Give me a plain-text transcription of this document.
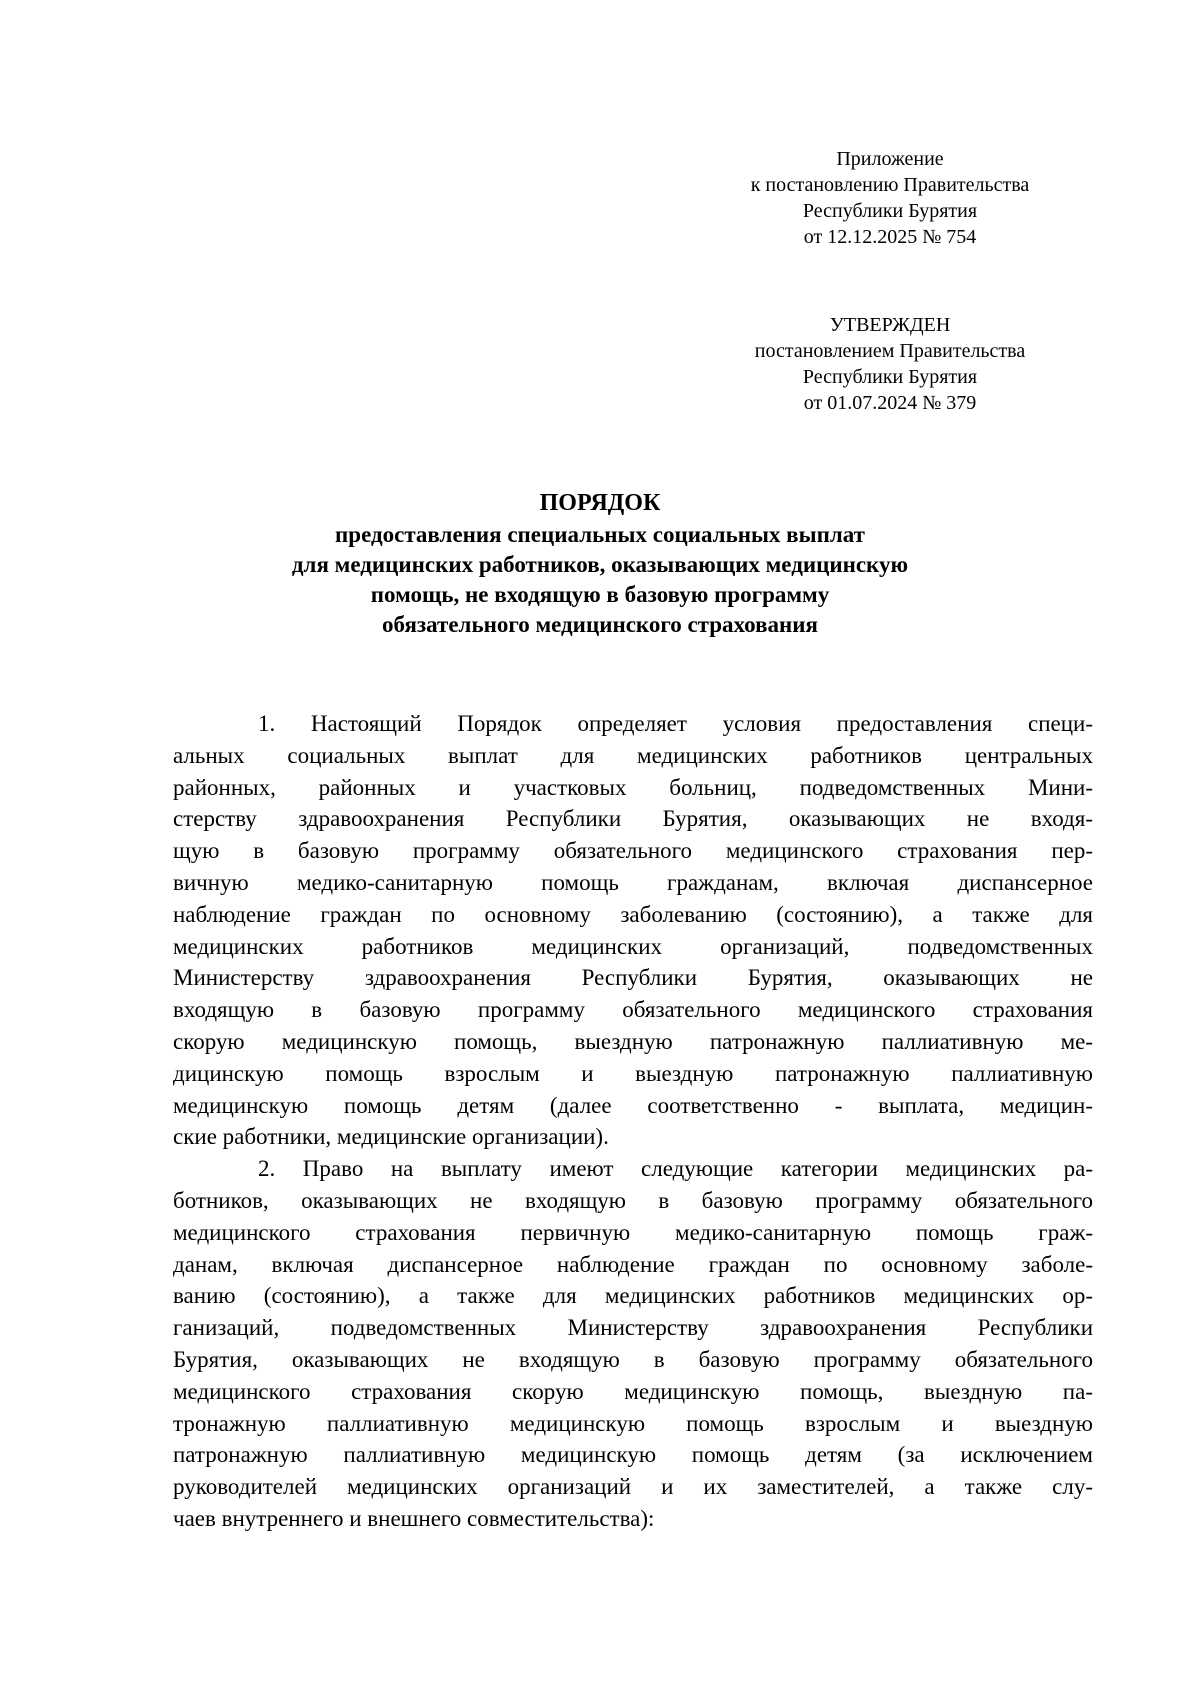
Приложение
к постановлению Правительства
Республики Бурятия
от 12.12.2025 № 754
УТВЕРЖДЕН
постановлением Правительства
Республики Бурятия
от 01.07.2024 № 379
ПОРЯДОК
предоставления специальных социальных выплат
для медицинских работников, оказывающих медицинскую
помощь, не входящую в базовую программу
обязательного медицинского страхования
1. Настоящий Порядок определяет условия предоставления специ-
альных социальных выплат для медицинских работников центральных
районных, районных и участковых больниц, подведомственных Мини-
стерству здравоохранения Республики Бурятия, оказывающих не входя-
щую в базовую программу обязательного медицинского страхования пер-
вичную медико-санитарную помощь гражданам, включая диспансерное
наблюдение граждан по основному заболеванию (состоянию), а также для
медицинских работников медицинских организаций, подведомственных
Министерству здравоохранения Республики Бурятия, оказывающих не
входящую в базовую программу обязательного медицинского страхования
скорую медицинскую помощь, выездную патронажную паллиативную ме-
дицинскую помощь взрослым и выездную патронажную паллиативную
медицинскую помощь детям (далее соответственно - выплата, медицин-
ские работники, медицинские организации).
2. Право на выплату имеют следующие категории медицинских ра-
ботников, оказывающих не входящую в базовую программу обязательного
медицинского страхования первичную медико-санитарную помощь граж-
данам, включая диспансерное наблюдение граждан по основному заболе-
ванию (состоянию), а также для медицинских работников медицинских ор-
ганизаций, подведомственных Министерству здравоохранения Республики
Бурятия, оказывающих не входящую в базовую программу обязательного
медицинского страхования скорую медицинскую помощь, выездную па-
тронажную паллиативную медицинскую помощь взрослым и выездную
патронажную паллиативную медицинскую помощь детям (за исключением
руководителей медицинских организаций и их заместителей, а также слу-
чаев внутреннего и внешнего совместительства):
